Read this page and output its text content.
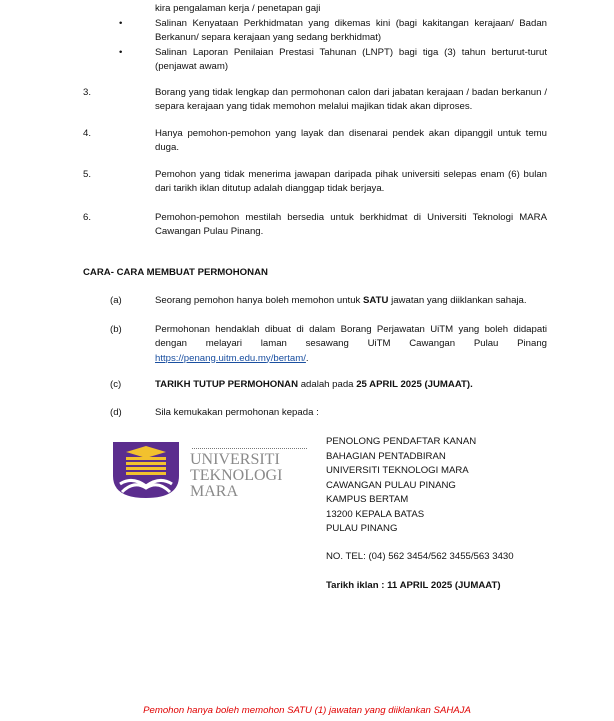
kira pengalaman kerja / penetapan gaji
•	Salinan Kenyataan Perkhidmatan yang dikemas kini (bagi kakitangan kerajaan/ Badan Berkanun/ separa kerajaan yang sedang berkhidmat)
•	Salinan Laporan Penilaian Prestasi Tahunan (LNPT) bagi tiga (3) tahun berturut-turut (penjawat awam)
3.	Borang yang tidak lengkap dan permohonan calon dari jabatan kerajaan / badan berkanun / separa kerajaan yang tidak memohon melalui majikan tidak akan diproses.
4.	Hanya pemohon-pemohon yang layak dan disenarai pendek akan dipanggil untuk temu duga.
5.	Pemohon yang tidak menerima jawapan daripada pihak universiti selepas enam (6) bulan dari tarikh iklan ditutup adalah dianggap tidak berjaya.
6.	Pemohon-pemohon mestilah bersedia untuk berkhidmat di Universiti Teknologi MARA Cawangan Pulau Pinang.
CARA- CARA MEMBUAT PERMOHONAN
(a)	Seorang pemohon hanya boleh memohon untuk SATU jawatan yang diiklankan sahaja.
(b)	Permohonan hendaklah dibuat di dalam Borang Perjawatan UiTM yang boleh didapati dengan melayari laman sesawang UiTM Cawangan Pulau Pinang https://penang.uitm.edu.my/bertam/.
(c)	TARIKH TUTUP PERMOHONAN adalah pada 25 APRIL 2025 (JUMAAT).
(d)	Sila kemukakan permohonan kepada :
UNIVERSITI
TEKNOLOGI
MARA
PENOLONG PENDAFTAR KANAN
BAHAGIAN PENTADBIRAN
UNIVERSITI TEKNOLOGI MARA
CAWANGAN PULAU PINANG
KAMPUS BERTAM
13200 KEPALA BATAS
PULAU PINANG
NO. TEL: (04) 562 3454/562 3455/563 3430
Tarikh iklan : 11 APRIL 2025 (JUMAAT)
Pemohon hanya boleh memohon SATU (1) jawatan yang diiklankan SAHAJA
